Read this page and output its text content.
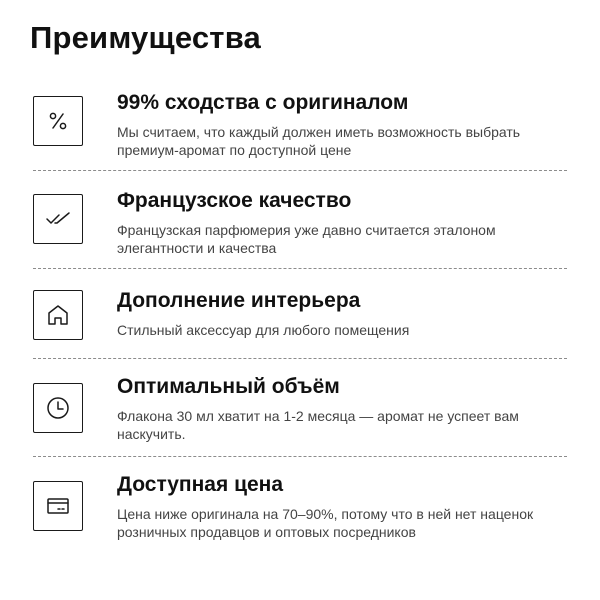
Преимущества
99% сходства с оригиналом

Мы считаем, что каждый должен иметь возможность выбрать премиум-аромат по доступной цене

Французское качество

Французская парфюмерия уже давно считается эталоном элегантности и качества

Дополнение интерьера

Стильный аксессуар для любого помещения

Оптимальный объём

Флакона 30 мл хватит на 1-2 месяца — аромат не успеет вам наскучить.

Доступная цена

Цена ниже оригинала на 70–90%, потому что в ней нет наценок розничных продавцов и оптовых посредников
